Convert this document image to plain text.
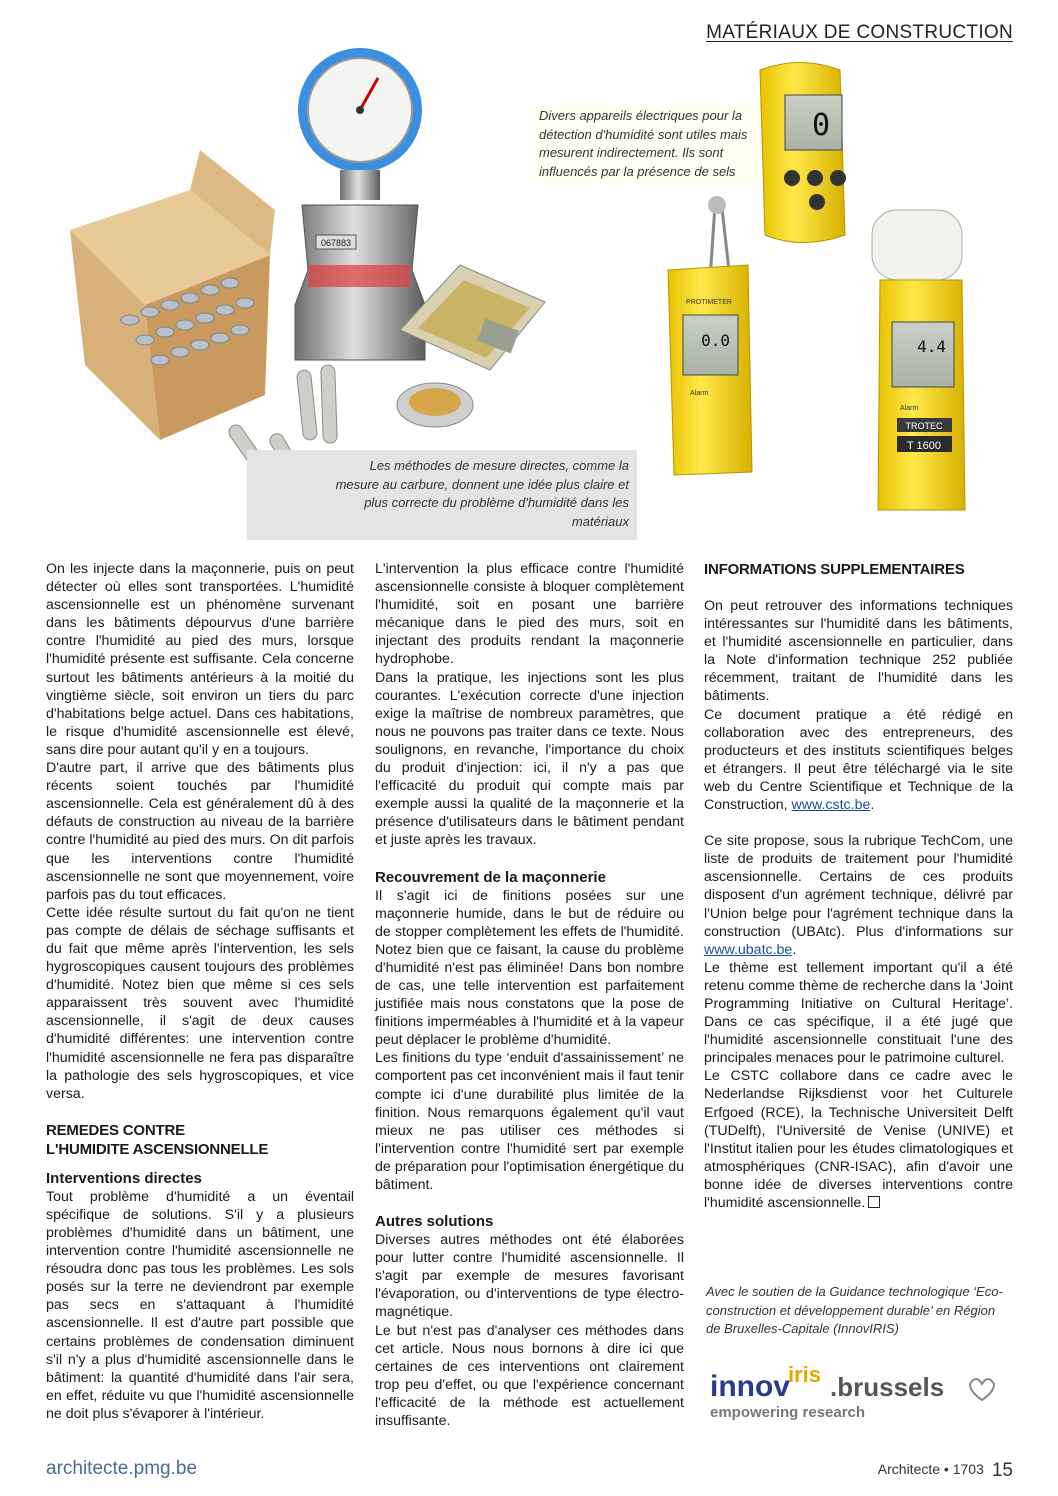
MATÉRIAUX DE CONSTRUCTION
067883
0
0.0
PROTIMETER
Alarm
4.4
TROTEC
T 1600
Alarm
Divers appareils électriques pour la détection d'humidité sont utiles mais mesurent indirectement. Ils sont influencés par la présence de sels
Les méthodes de mesure directes, comme la mesure au carbure, donnent une idée plus claire et plus correcte du problème d'humidité dans les matériaux

On les injecte dans la maçonnerie, puis on peut détecter où elles sont transportées. L'humidité ascensionnelle est un phénomène survenant dans les bâtiments dépourvus d'une barrière contre l'humidité au pied des murs, lorsque l'humidité présente est suffisante. Cela concerne surtout les bâtiments antérieurs à la moitié du vingtième siècle, soit environ un tiers du parc d'habitations belge actuel. Dans ces habitations, le risque d'humidité ascensionnelle est élevé, sans dire pour autant qu'il y en a toujours.

D'autre part, il arrive que des bâtiments plus récents soient touchés par l'humidité ascensionnelle. Cela est généralement dû à des défauts de construction au niveau de la barrière contre l'humidité au pied des murs. On dit parfois que les interventions contre l'humidité ascensionnelle ne sont que moyennement, voire parfois pas du tout efficaces.

Cette idée résulte surtout du fait qu'on ne tient pas compte de délais de séchage suffisants et du fait que même après l'intervention, les sels hygroscopiques causent toujours des problèmes d'humidité. Notez bien que même si ces sels apparaissent très souvent avec l'humidité ascensionnelle, il s'agit de deux causes d'humidité différentes: une intervention contre l'humidité ascensionnelle ne fera pas disparaître la pathologie des sels hygroscopiques, et vice versa.

REMEDES CONTRE
L'HUMIDITE ASCENSIONNELLE
Interventions directes

Tout problème d'humidité a un éventail spécifique de solutions. S'il y a plusieurs problèmes d'humidité dans un bâtiment, une intervention contre l'humidité ascensionnelle ne résoudra donc pas tous les problèmes. Les sols posés sur la terre ne deviendront par exemple pas secs en s'attaquant à l'humidité ascensionnelle. Il est d'autre part possible que certains problèmes de condensation diminuent s'il n'y a plus d'humidité ascensionnelle dans le bâtiment: la quantité d'humidité dans l'air sera, en effet, réduite vu que l'humidité ascensionnelle ne doit plus s'évaporer à l'intérieur.

L'intervention la plus efficace contre l'humidité ascensionnelle consiste à bloquer complètement l'humidité, soit en posant une barrière mécanique dans le pied des murs, soit en injectant des produits rendant la maçonnerie hydrophobe.

Dans la pratique, les injections sont les plus courantes. L'exécution correcte d'une injection exige la maîtrise de nombreux paramètres, que nous ne pouvons pas traiter dans ce texte. Nous soulignons, en revanche, l'importance du choix du produit d'injection: ici, il n'y a pas que l'efficacité du produit qui compte mais par exemple aussi la qualité de la maçonnerie et la présence d'utilisateurs dans le bâtiment pendant et juste après les travaux.

Recouvrement de la maçonnerie

Il s'agit ici de finitions posées sur une maçonnerie humide, dans le but de réduire ou de stopper complètement les effets de l'humidité. Notez bien que ce faisant, la cause du problème d'humidité n'est pas éliminée! Dans bon nombre de cas, une telle intervention est parfaitement justifiée mais nous constatons que la pose de finitions imperméables à l'humidité et à la vapeur peut déplacer le problème d'humidité.

Les finitions du type ‘enduit d'assainissement’ ne comportent pas cet inconvénient mais il faut tenir compte ici d'une durabilité plus limitée de la finition. Nous remarquons également qu'il vaut mieux ne pas utiliser ces méthodes si l'intervention contre l'humidité sert par exemple de préparation pour l'optimisation énergétique du bâtiment.

Autres solutions

Diverses autres méthodes ont été élaborées pour lutter contre l'humidité ascensionnelle. Il s'agit par exemple de mesures favorisant l'évaporation, ou d'interventions de type électro-magnétique.

Le but n'est pas d'analyser ces méthodes dans cet article. Nous nous bornons à dire ici que certaines de ces interventions ont clairement trop peu d'effet, ou que l'expérience concernant l'efficacité de la méthode est actuellement insuffisante.

INFORMATIONS SUPPLEMENTAIRES

On peut retrouver des informations techniques intéressantes sur l'humidité dans les bâtiments, et l'humidité ascensionnelle en particulier, dans la Note d'information technique 252 publiée récemment, traitant de l'humidité dans les bâtiments.

Ce document pratique a été rédigé en collaboration avec des entrepreneurs, des producteurs et des instituts scientifiques belges et étrangers. Il peut être téléchargé via le site web du Centre Scientifique et Technique de la Construction, www.cstc.be.

Ce site propose, sous la rubrique TechCom, une liste de produits de traitement pour l'humidité ascensionnelle. Certains de ces produits disposent d'un agrément technique, délivré par l'Union belge pour l'agrément technique dans la construction (UBAtc). Plus d'informations sur www.ubatc.be.

Le thème est tellement important qu'il a été retenu comme thème de recherche dans la ‘Joint Programming Initiative on Cultural Heritage’. Dans ce cas spécifique, il a été jugé que l'humidité ascensionnelle constituait l'une des principales menaces pour le patrimoine culturel.

Le CSTC collabore dans ce cadre avec le Nederlandse Rijksdienst voor het Culturele Erfgoed (RCE), la Technische Universiteit Delft (TUDelft), l'Université de Venise (UNIVE) et l'Institut italien pour les études climatologiques et atmosphériques (CNR-ISAC), afin d'avoir une bonne idée de diverses interventions contre l'humidité ascensionnelle.

Avec le soutien de la Guidance technologique ‘Eco-construction et développement durable’ en Région de Bruxelles-Capitale (InnovIRIS)
innov
iris .brussels
empowering research
architecte.pmg.be	Architecte • 1703 15
